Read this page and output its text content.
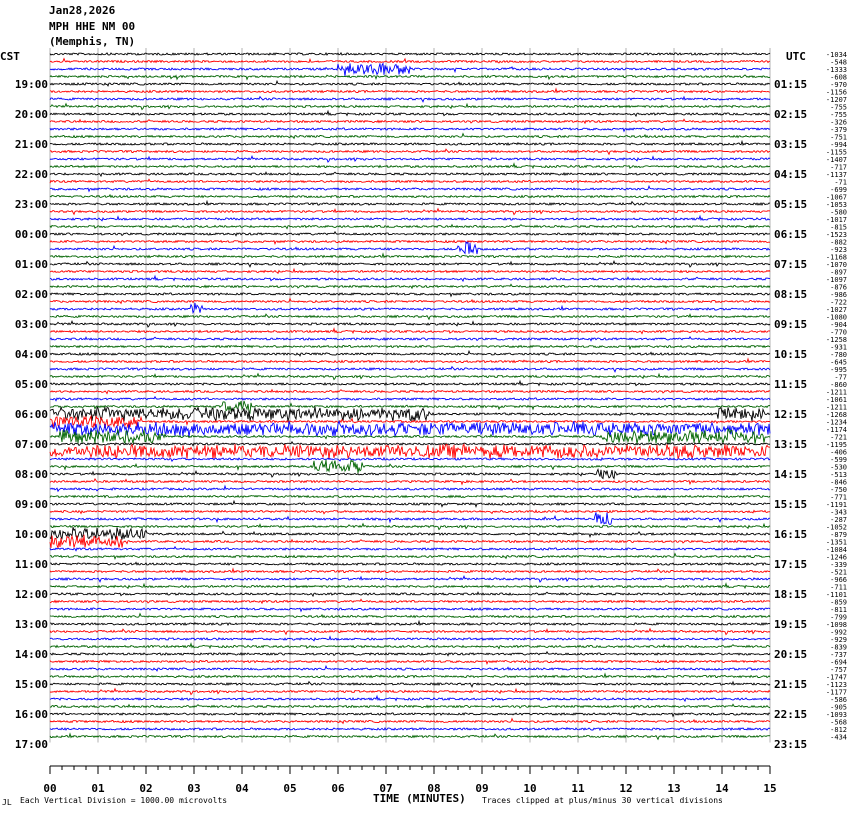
Jan28,2026
MPH HHE NM 00
(Memphis, TN)
CST	UTC
00	01	02	03	04	05	06	07	08	09	10	11	12	13	14	15
19:00
20:00
21:00
22:00
23:00
00:00
01:00
02:00
03:00
04:00
05:00
06:00
07:00
08:00
09:00
10:00
11:00
12:00
13:00
14:00
15:00
16:00
17:00
01:15
02:15
03:15
04:15
05:15
06:15
07:15
08:15
09:15
10:15
11:15
12:15
13:15
14:15
15:15
16:15
17:15
18:15
19:15
20:15
21:15
22:15
23:15
-1034
-548
-1333
-608
-970
-1156
-1207
-755
-755
-326
-379
-751
-994
-1155
-1407
-717
-1137
-71
-699
-1067
-1053
-580
-1017
-815
-1523
-882
-923
-1168
-1070
-897
-1097
-876
-986
-722
-1027
-1080
-904
-770
-1258
-931
-780
-645
-995
-77
-860
-1211
-1061
-1211
-1268
-1234
-1174
-721
-1195
-406
-599
-530
-513
-846
-750
-771
-1191
-343
-287
-1052
-879
-1351
-1084
-1246
-339
-521
-966
-711
-1101
-859
-811
-799
-1098
-992
-929
-839
-737
-694
-757
-1747
-1123
-1177
-586
-905
-1093
-568
-812
-434
JL Each Vertical Division = 1000.00 microvolts	TIME (MINUTES) Traces clipped at plus/minus 30 vertical divisions
